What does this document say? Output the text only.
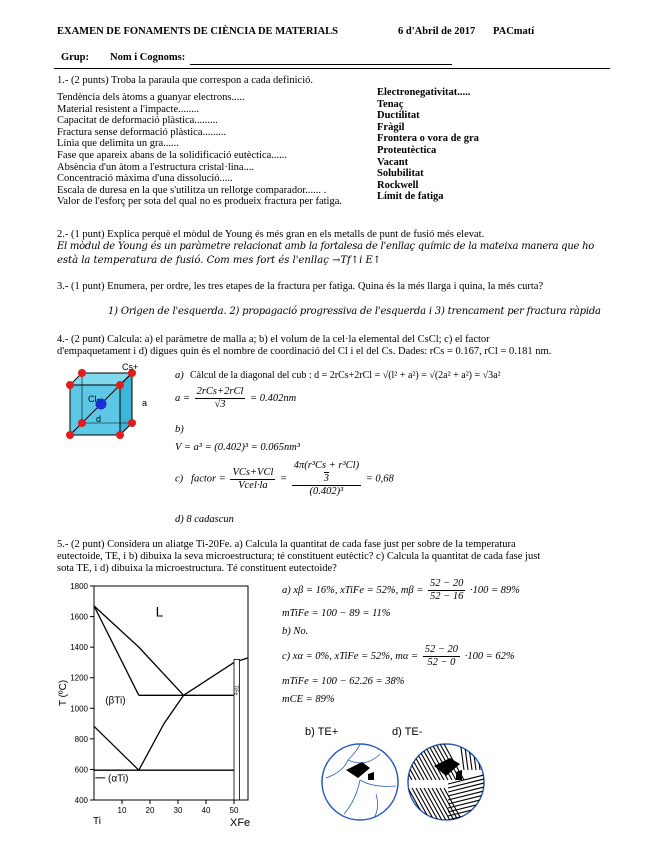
EXAMEN DE FONAMENTS DE CIÈNCIA DE MATERIALS	6 d'Abril de 2017 PACmatí
Grup: Nom i Cognoms:
1.- (2 punts) Troba la paraula que correspon a cada definició.
Tendència dels àtoms a guanyar electrons.....	Electronegativitat.....
Material resistent a l'impacte........	Tenaç
Capacitat de deformació plàstica.........	Ductilitat
Fractura sense deformació plàstica.........	Fràgil
Línia que delimita un gra......	Frontera o vora de gra
Fase que apareix abans de la solidificació eutèctica......	Proteutèctica
Absència d'un àtom a l'estructura cristal·lina....	Vacant
Concentració màxima d'una dissolució.....	Solubilitat
Escala de duresa en la que s'utilitza un rellotge comparador...... .	Rockwell
Valor de l'esforç per sota del qual no es produeix fractura per fatiga.	Límit de fatiga
2.- (1 punt) Explica perquè el mòdul de Young és més gran en els metalls de punt de fusió més elevat.
El mòdul de Young és un paràmetre relacionat amb la fortalesa de l'enllaç químic de la mateixa manera que ho
està la temperatura de fusió. Com mes fort és l'enllaç →Tf↑i E↑
3.- (1 punt) Enumera, per ordre, les tres etapes de la fractura per fatiga. Quina és la més llarga i quina, la més curta?
1) Origen de l'esquerda. 2) propagació progressiva de l'esquerda i 3) trencament per fractura ràpida
4.- (2 punt) Calcula: a) el paràmetre de malla a; b) el volum de la cel·la elemental del CsCl; c) el factor
d'empaquetament i d) digues quin és el nombre de coordinació del Cl i el del Cs. Dades: rCs = 0.167, rCl = 0.181 nm.
Cs+
Cl-
d
a
a) Càlcul de la diagonal del cub : d = 2rCs+2rCl = √(l² + a²) = √(2a² + a²) = √3a²
$a = \frac{\text{2rCs+2rCl}}{√3} = 0.402nm$
b)
V = a³ = (0.402)³ = 0.065nm³
c) factor = $\frac{\text{VCs+VCl}}{\text{Vcel·la}} = 4\pi(r^3Cs + r^3Cl)$
3
(0.402)³ = 0,68
d) 8 cadascun
5.- (2 punt) Considera un aliatge Ti-20Fe. a) Calcula la quantitat de cada fase just per sobre de la temperatura
eutectoide, TE, i b) dibuixa la seva microestructura; té constituent eutèctic? c) Calcula la quantitat de cada fase just
sota TE, i d) dibuixa la microestructura. Té constituent eutectoide?
400
600
800
1000
1200
1400
1600
1800
10 20 30 40 50
Ti
T (ºC)
XFe
L
(βTi)
(αTi)
TiFe
a) xβ = 16%, xTiFe = 52%, $m\beta = \frac{52 - 20}{52 - 16} \cdot 100 = 89\%$
mTiFe = 100 − 89 = 11%
b) No.
c) xα = 0%, xTiFe = 52%, $m\alpha = \frac{52 - 20}{52 - 0} \cdot 100 = 62\%$
mTiFe = 100 − 62.26 = 38%
mCE = 89%
b) TE+	d) TE-
